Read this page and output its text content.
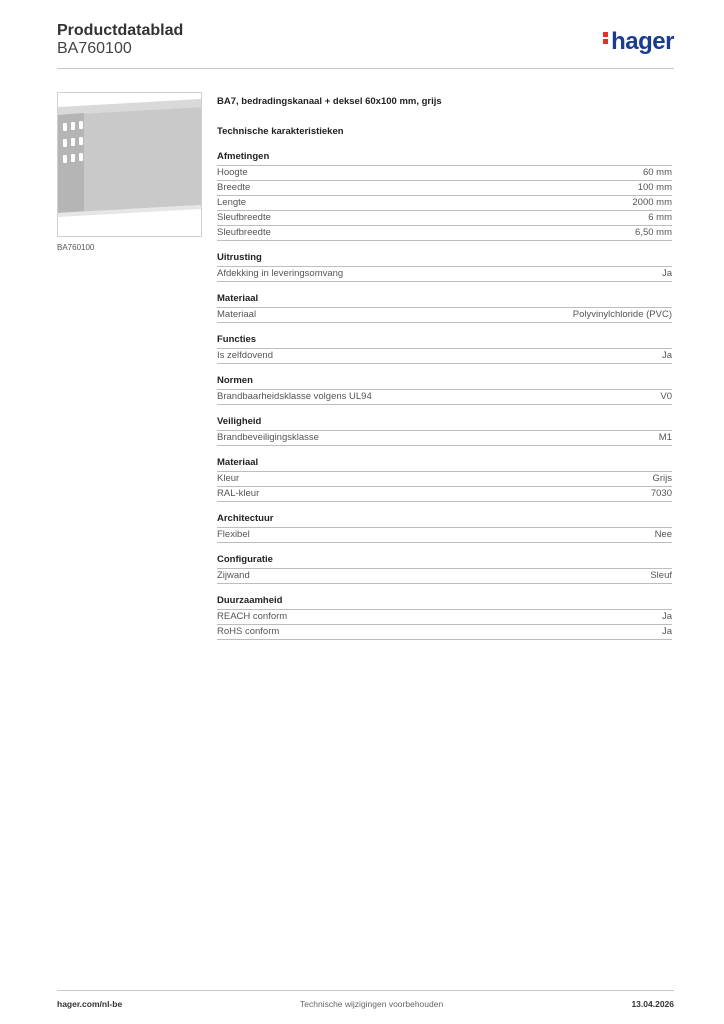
Productdatablad
BA760100	hager
BA760100
BA7, bedradingskanaal + deksel 60x100 mm, grijs
Technische karakteristieken
Afmetingen
Hoogte	60 mm
Breedte	100 mm
Lengte	2000 mm
Sleufbreedte	6 mm
Sleufbreedte	6,50 mm
Uitrusting
Afdekking in leveringsomvang	Ja
Materiaal
Materiaal	Polyvinylchloride (PVC)
Functies
Is zelfdovend	Ja
Normen
Brandbaarheidsklasse volgens UL94	V0
Veiligheid
Brandbeveiligingsklasse	M1
Materiaal
Kleur	Grijs
RAL-kleur	7030
Architectuur
Flexibel	Nee
Configuratie
Zijwand	Sleuf
Duurzaamheid
REACH conform	Ja
RoHS conform	Ja
hager.com/nl-be	Technische wijzigingen voorbehouden	13.04.2026
